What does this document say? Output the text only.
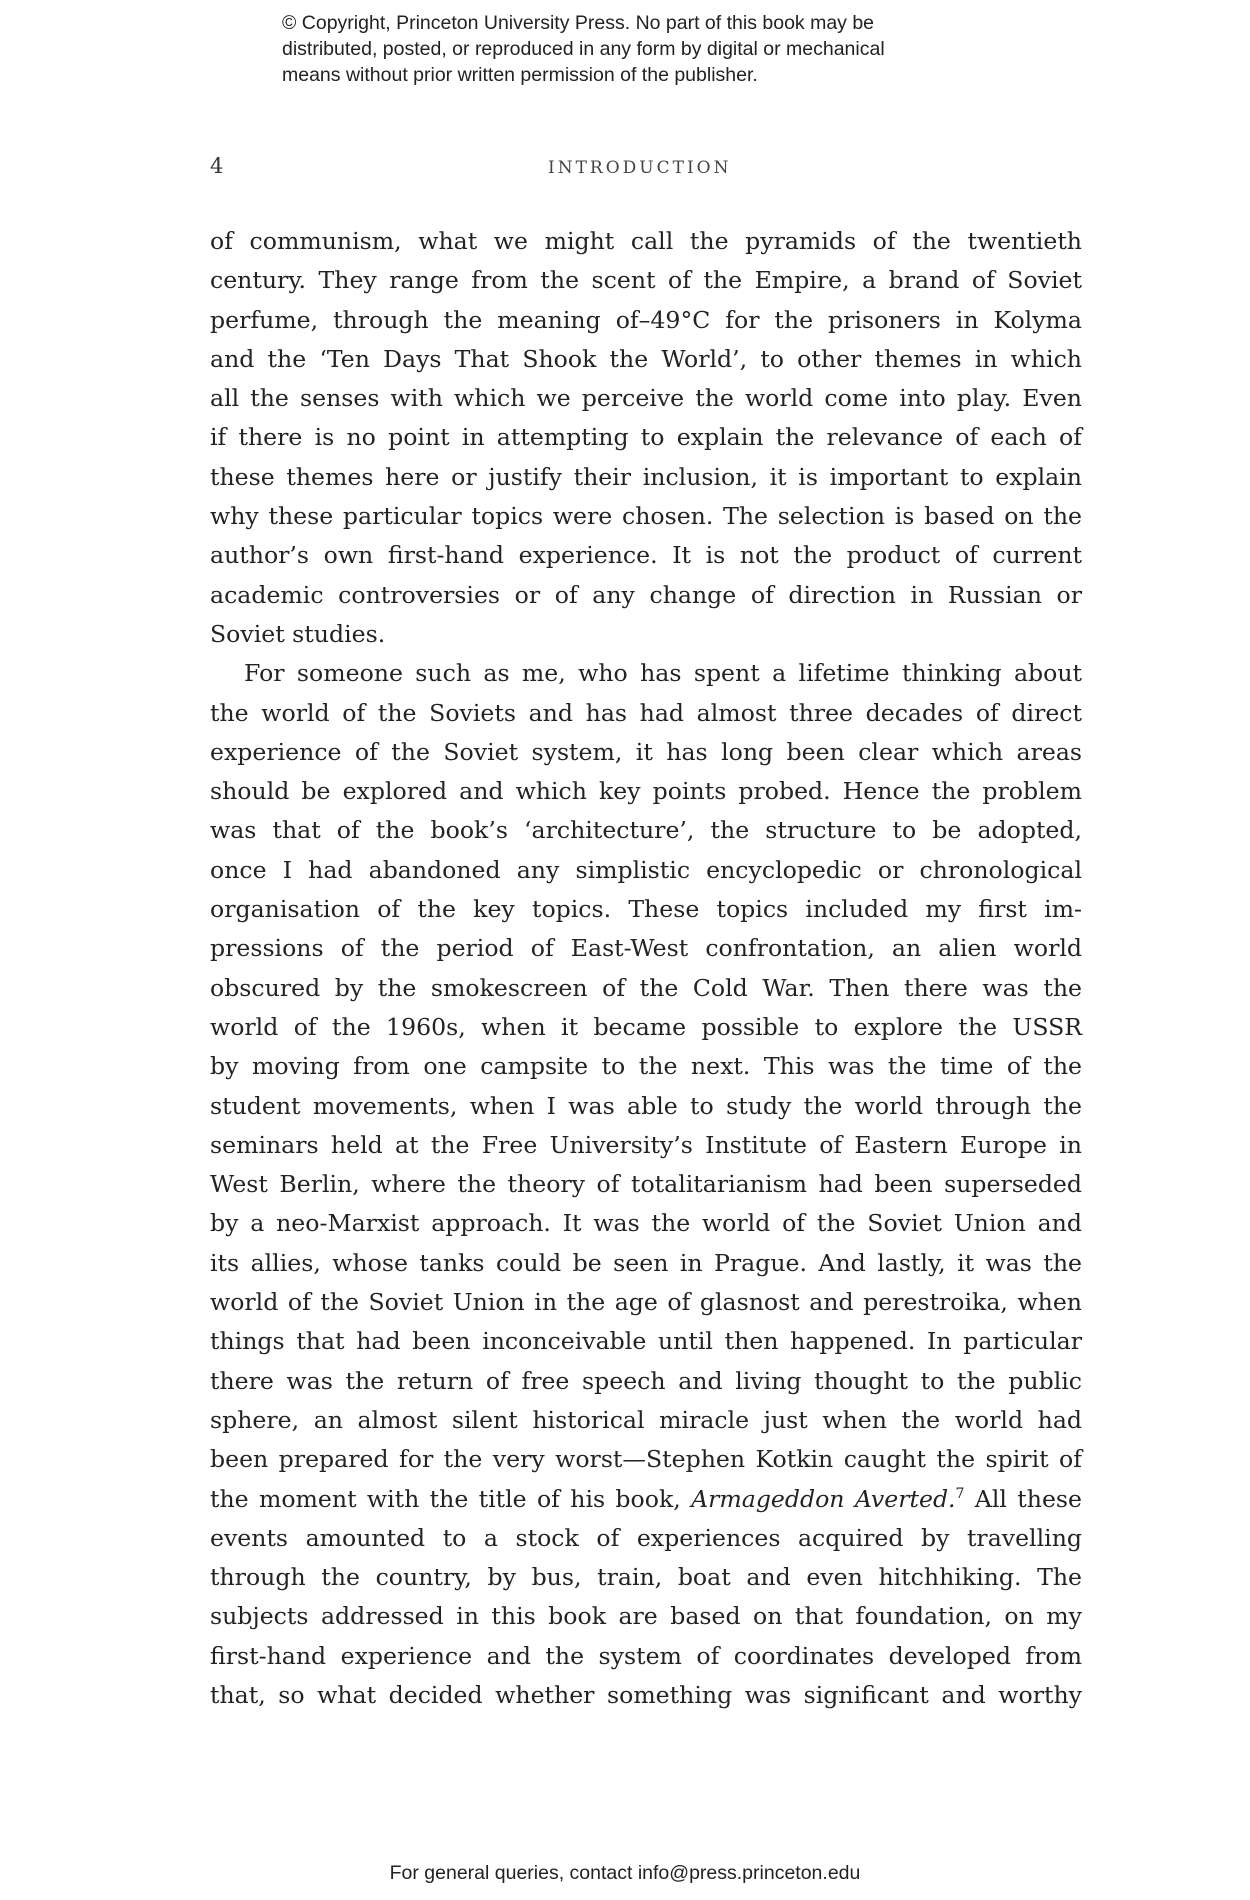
© Copyright, Princeton University Press. No part of this book may be
distributed, posted, or reproduced in any form by digital or mechanical
means without prior written permission of the publisher.
4	INTRODUCTION
of communism, what we might call the pyramids of the twentieth
century. They range from the scent of the Empire, a brand of Soviet
perfume, through the meaning of–49°C for the prisoners in Kolyma
and the ‘Ten Days That Shook the World’, to other themes in which
all the senses with which we perceive the world come into play. Even
if there is no point in attempting to explain the relevance of each of
these themes here or justify their inclusion, it is important to explain
why these particular topics were chosen. The selection is based on the
author’s own first-hand experience. It is not the product of current
academic controversies or of any change of direction in Russian or
Soviet studies.
For someone such as me, who has spent a lifetime thinking about
the world of the Soviets and has had almost three decades of direct
experience of the Soviet system, it has long been clear which areas
should be explored and which key points probed. Hence the problem
was that of the book’s ‘architecture’, the structure to be adopted,
once I had abandoned any simplistic encyclopedic or chronological
organisation of the key topics. These topics included my first im-
pressions of the period of East-West confrontation, an alien world
obscured by the smokescreen of the Cold War. Then there was the
world of the 1960s, when it became possible to explore the USSR
by moving from one campsite to the next. This was the time of the
student movements, when I was able to study the world through the
seminars held at the Free University’s Institute of Eastern Europe in
West Berlin, where the theory of totalitarianism had been superseded
by a neo-Marxist approach. It was the world of the Soviet Union and
its allies, whose tanks could be seen in Prague. And lastly, it was the
world of the Soviet Union in the age of glasnost and perestroika, when
things that had been inconceivable until then happened. In particular
there was the return of free speech and living thought to the public
sphere, an almost silent historical miracle just when the world had
been prepared for the very worst—Stephen Kotkin caught the spirit of
the moment with the title of his book, Armageddon Averted.$^7$ All these
events amounted to a stock of experiences acquired by travelling
through the country, by bus, train, boat and even hitchhiking. The
subjects addressed in this book are based on that foundation, on my
first-hand experience and the system of coordinates developed from
that, so what decided whether something was significant and worthy
For general queries, contact info@press.princeton.edu
